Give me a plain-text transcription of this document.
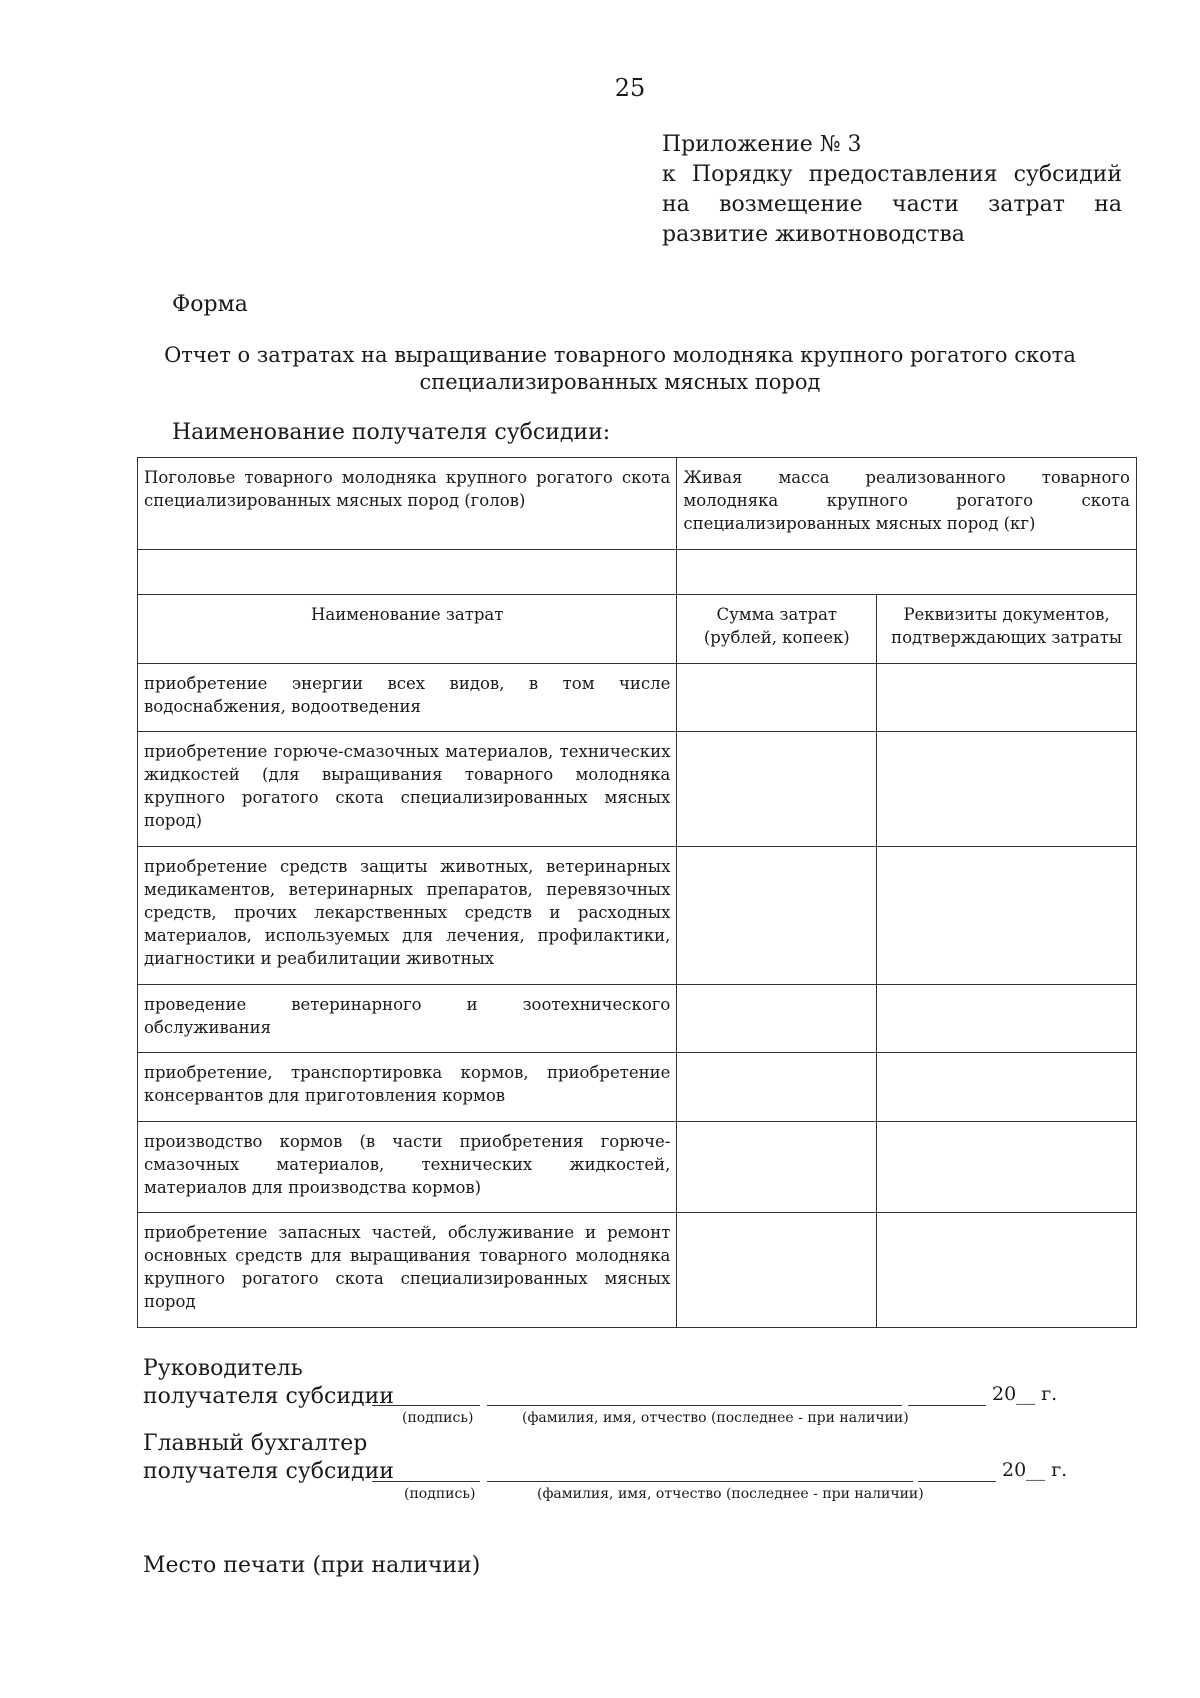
25
Приложение № 3
к Порядку предоставления субсидий на возмещение части затрат на развитие животноводства
Форма
Отчет о затратах на выращивание товарного молодняка крупного рогатого скота
специализированных мясных пород
Наименование получателя субсидии:
Поголовье товарного молодняка крупного рогатого скота специализированных мясных пород (голов)	Живая масса реализованного товарного молодняка крупного рогатого скота специализированных мясных пород (кг)	

Наименование затрат	Сумма затрат (рублей, копеек)	Реквизиты документов, подтверждающих затраты
приобретение энергии всех видов, в том числе водоснабжения, водоотведения		
приобретение горюче-смазочных материалов, технических жидкостей (для выращивания товарного молодняка крупного рогатого скота специализированных мясных пород)		
приобретение средств защиты животных, ветеринарных медикаментов, ветеринарных препаратов, перевязочных средств, прочих лекарственных средств и расходных материалов, используемых для лечения, профилактики, диагностики и реабилитации животных		
проведение ветеринарного и зоотехнического обслуживания		
приобретение, транспортировка кормов, приобретение консервантов для приготовления кормов		
производство кормов (в части приобретения горюче-смазочных материалов, технических жидкостей, материалов для производства кормов)		
приобретение запасных частей, обслуживание и ремонт основных средств для выращивания товарного молодняка крупного рогатого скота специализированных мясных пород		
Руководитель
получателя субсидии	20__ г.
(подпись)	(фамилия, имя, отчество (последнее - при наличии)
Главный бухгалтер
получателя субсидии	20__ г.
(подпись)	(фамилия, имя, отчество (последнее - при наличии)
Место печати (при наличии)
